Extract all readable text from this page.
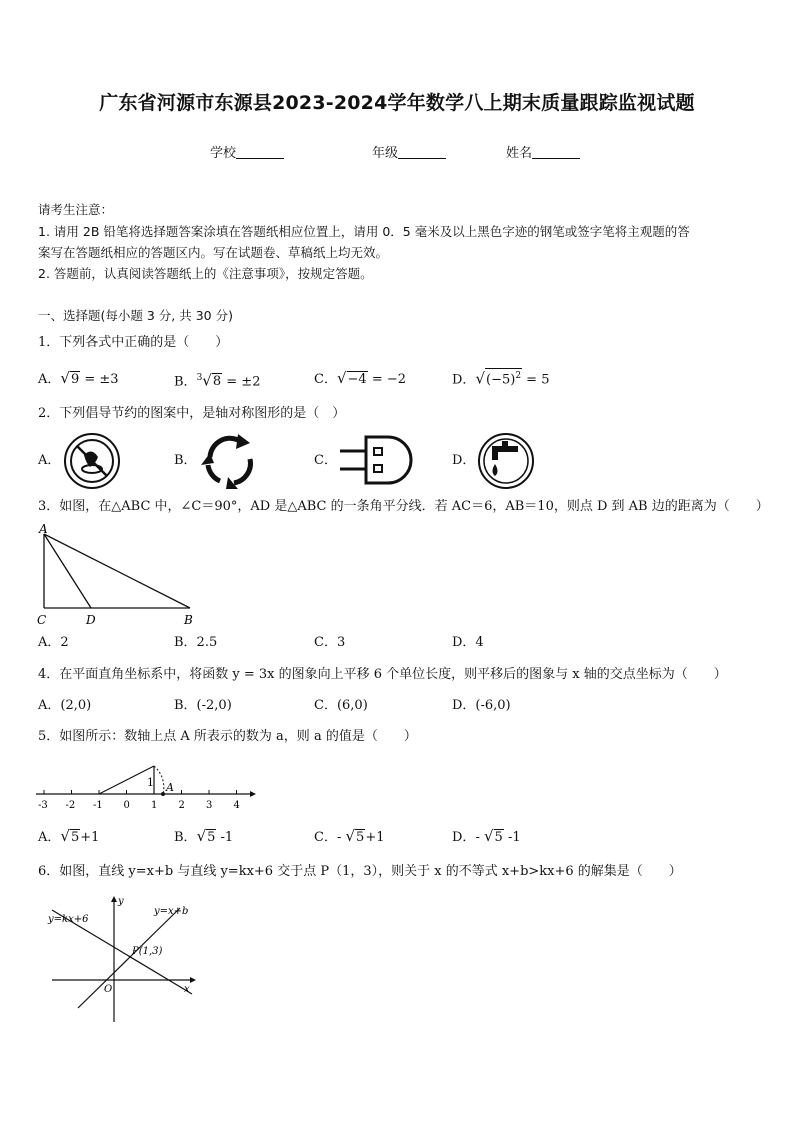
广东省河源市东源县2023-2024学年数学八上期末质量跟踪监视试题
学校	年级	姓名
请考生注意：
1. 请用 2B 铅笔将选择题答案涂填在答题纸相应位置上，请用 0．5 毫米及以上黑色字迹的钢笔或签字笔将主观题的答
案写在答题纸相应的答题区内。写在试题卷、草稿纸上均无效。
2. 答题前，认真阅读答题纸上的《注意事项》，按规定答题。
一、选择题(每小题 3 分, 共 30 分)
1．下列各式中正确的是（　　）
A．√9 = ±3	B．$^3$√8 = ±2	C．√−4 = −2	D．$√(-5)^2 = 5$
2．下列倡导节约的图案中，是轴对称图形的是（　）
A．	B．	C．	D．
3．如图，在△ABC 中，∠C＝90°，AD 是△ABC 的一条角平分线．若 AC＝6，AB＝10，则点 D 到 AB 边的距离为（　　）
A
C	D	B
A．2	B．2.5	C．3	D．4
4．在平面直角坐标系中，将函数 y = 3x 的图象向上平移 6 个单位长度，则平移后的图象与 x 轴的交点坐标为（　　）
A．(2,0)	B．(-2,0)	C．(6,0)	D．(-6,0)
5．如图所示：数轴上点 A 所表示的数为 a，则 a 的值是（　　）
-3 -2 -1 0 1 2 3 4
1 A
A．√5+1	B．√5 -1	C．- √5+1	D．- √5 -1
6．如图，直线 y=x+b 与直线 y=kx+6 交于点 P（1，3），则关于 x 的不等式 x+b>kx+6 的解集是（　　）
y=kx+6
y=x+b
P(1,3)
y
x
O
